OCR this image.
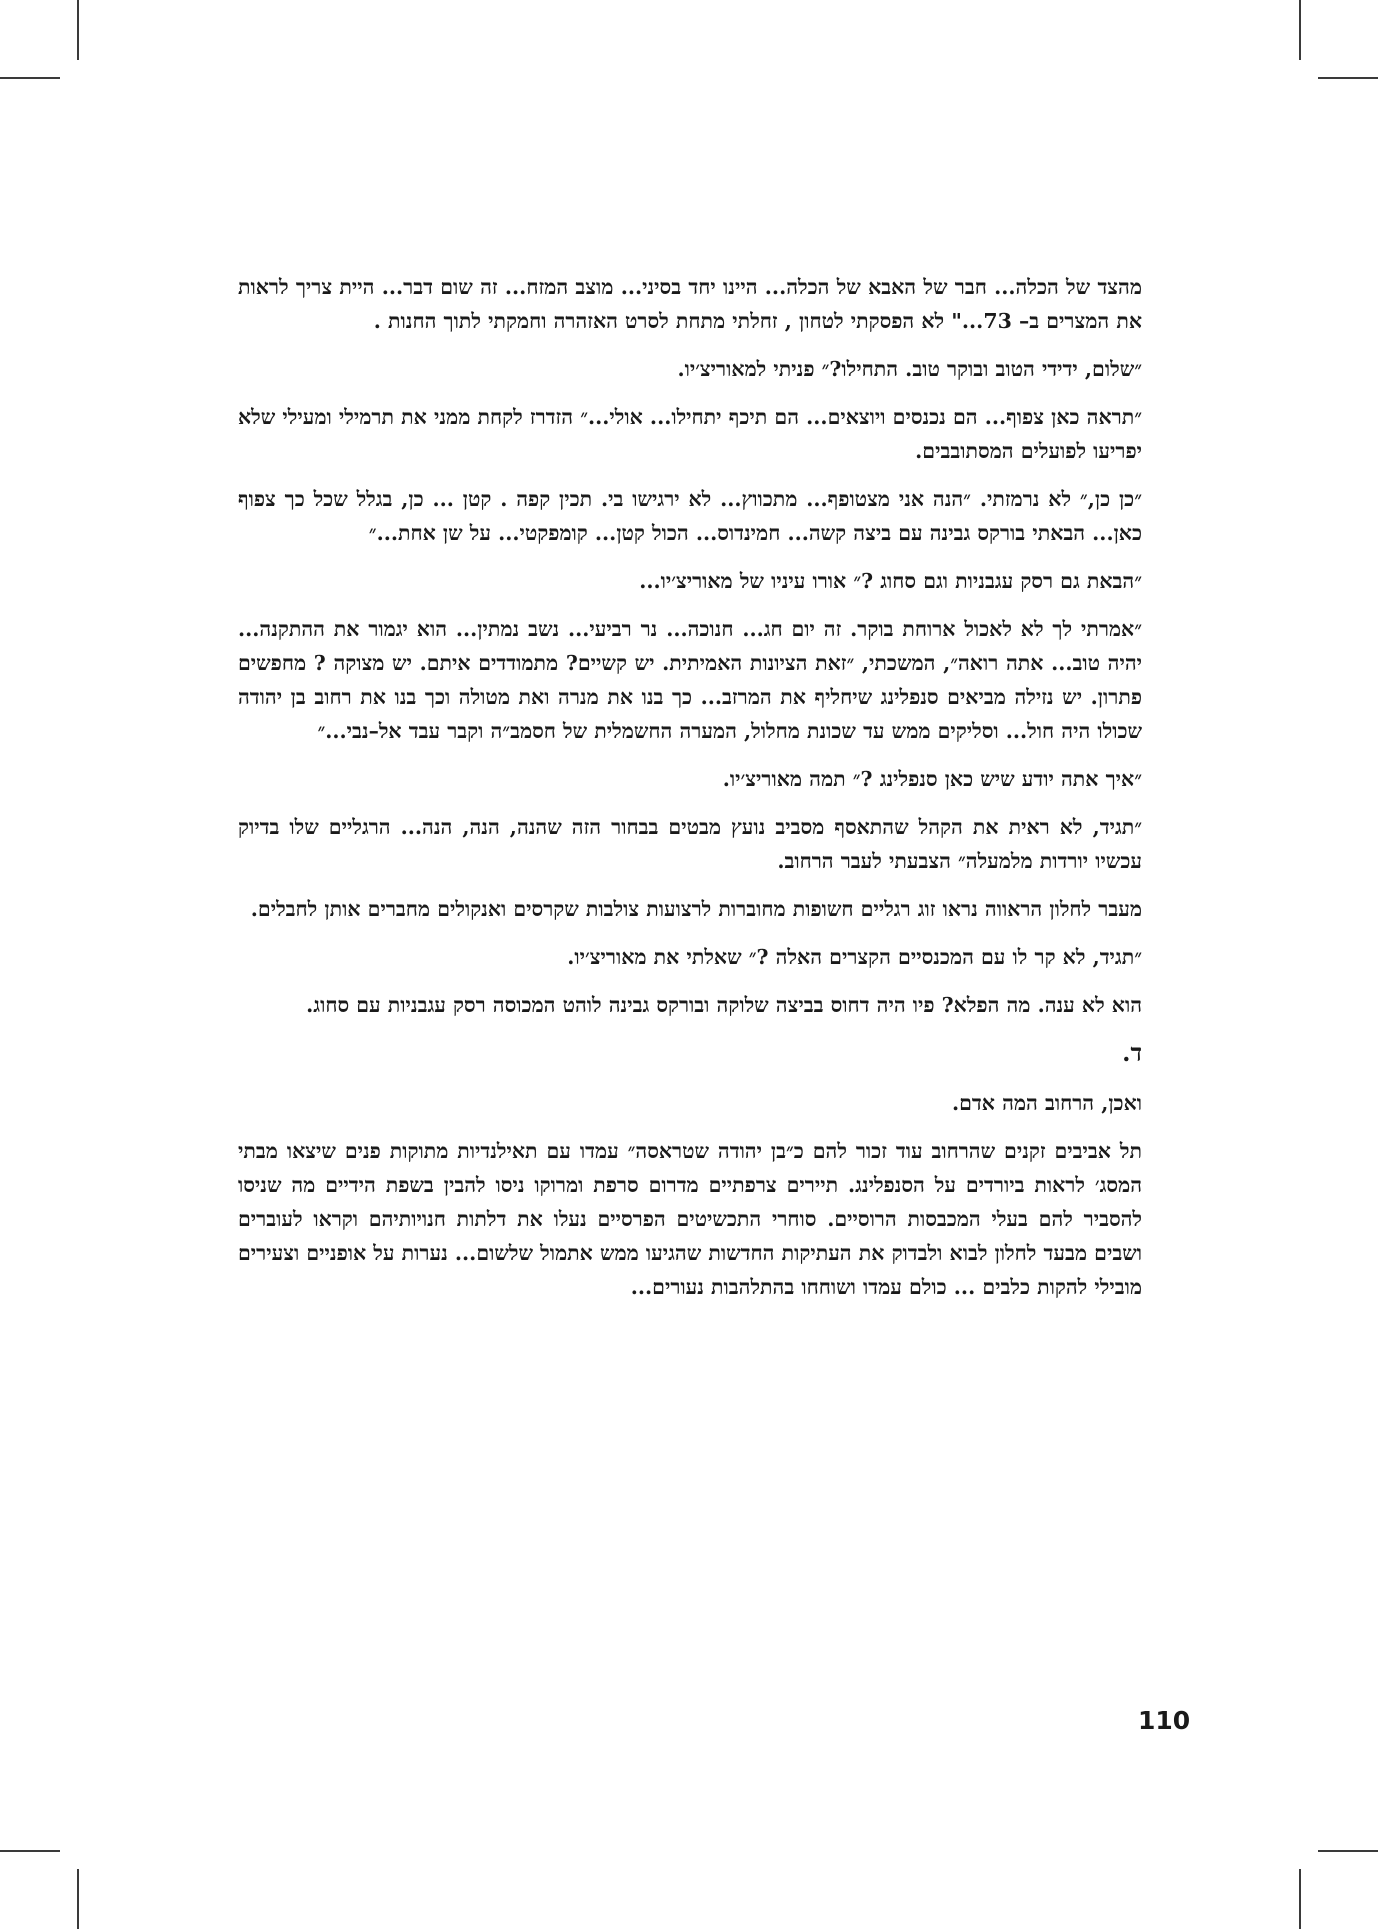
מהצד של הכלה... חבר של האבא של הכלה... היינו יחד בסיני... מוצב המזח... זה שום דבר... היית צריך לראות את המצרים ב– 73..." לא הפסקתי לטחון , זחלתי מתחת לסרט האזהרה וחמקתי לתוך החנות .

״שלום, ידידי הטוב ובוקר טוב. התחילו?״ פניתי למאוריצ׳יו.

״תראה כאן צפוף... הם נכנסים ויוצאים... הם תיכף יתחילו... אולי...״ הזדרז לקחת ממני את תרמילי ומעילי שלא יפריעו לפועלים המסתובבים.

״כן כן,״ לא נרמזתי. ״הנה אני מצטופף... מתכווץ... לא ירגישו בי. תכין קפה . קטן ... כן, בגלל שכל כך צפוף כאן... הבאתי בורקס גבינה עם ביצה קשה... חמינדוס... הכול קטן... קומפקטי... על שן אחת...״

״הבאת גם רסק עגבניות וגם סחוג ?״ אורו עיניו של מאוריצ׳יו...

״אמרתי לך לא לאכול ארוחת בוקר. זה יום חג... חנוכה... נר רביעי... נשב נמתין... הוא יגמור את ההתקנה... יהיה טוב... אתה רואה״, המשכתי, ״זאת הציונות האמיתית. יש קשיים? מתמודדים איתם. יש מצוקה ? מחפשים פתרון. יש נזילה מביאים סנפלינג שיחליף את המרזב... כך בנו את מנרה ואת מטולה וכך בנו את רחוב בן יהודה שכולו היה חול... וסליקים ממש עד שכונת מחלול, המערה החשמלית של חסמב״ה וקבר עבד אל–נבי...״

״איך אתה יודע שיש כאן סנפלינג ?״ תמה מאוריצ׳יו.

״תגיד, לא ראית את הקהל שהתאסף מסביב נועץ מבטים בבחור הזה שהנה, הנה, הנה... הרגליים שלו בדיוק עכשיו יורדות מלמעלה״ הצבעתי לעבר הרחוב.

מעבר לחלון הראווה נראו זוג רגליים חשופות מחוברות לרצועות צולבות שקרסים ואנקולים מחברים אותן לחבלים.

״תגיד, לא קר לו עם המכנסיים הקצרים האלה ?״ שאלתי את מאוריצ׳יו.

הוא לא ענה. מה הפלא? פיו היה דחוס בביצה שלוקה ובורקס גבינה לוהט המכוסה רסק עגבניות עם סחוג.

ד.

ואכן, הרחוב המה אדם.

תל אביבים זקנים שהרחוב עוד זכור להם כ״בן יהודה שטראסה״ עמדו עם תאילנדיות מתוקות פנים שיצאו מבתי המסג׳ לראות ביורדים על הסנפלינג. תיירים צרפתיים מדרום סרפת ומרוקו ניסו להבין בשפת הידיים מה שניסו להסביר להם בעלי המכבסות הרוסיים. סוחרי התכשיטים הפרסיים נעלו את דלתות חנויותיהם וקראו לעוברים ושבים מבעד לחלון לבוא ולבדוק את העתיקות החדשות שהגיעו ממש אתמול שלשום... נערות על אופניים וצעירים מובילי להקות כלבים ... כולם עמדו ושוחחו בהתלהבות נעורים...

110
